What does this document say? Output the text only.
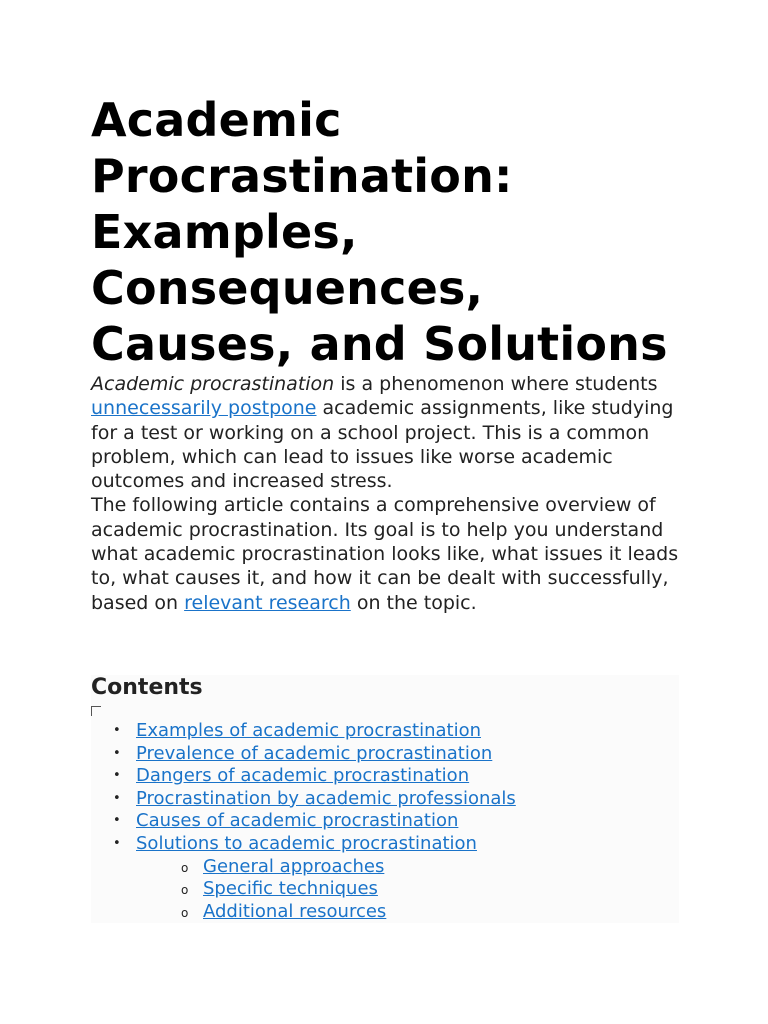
Academic Procrastination: Examples, Consequences, Causes, and Solutions

Academic procrastination is a phenomenon where students unnecessarily postpone academic assignments, like studying for a test or working on a school project. This is a common problem, which can lead to issues like worse academic outcomes and increased stress.

The following article contains a comprehensive overview of academic procrastination. Its goal is to help you understand what academic procrastination looks like, what issues it leads to, what causes it, and how it can be dealt with successfully, based on relevant research on the topic.

Contents
• Examples of academic procrastination
• Prevalence of academic procrastination
• Dangers of academic procrastination
• Procrastination by academic professionals
• Causes of academic procrastination
• Solutions to academic procrastination
o General approaches
o Specific techniques
o Additional resources
